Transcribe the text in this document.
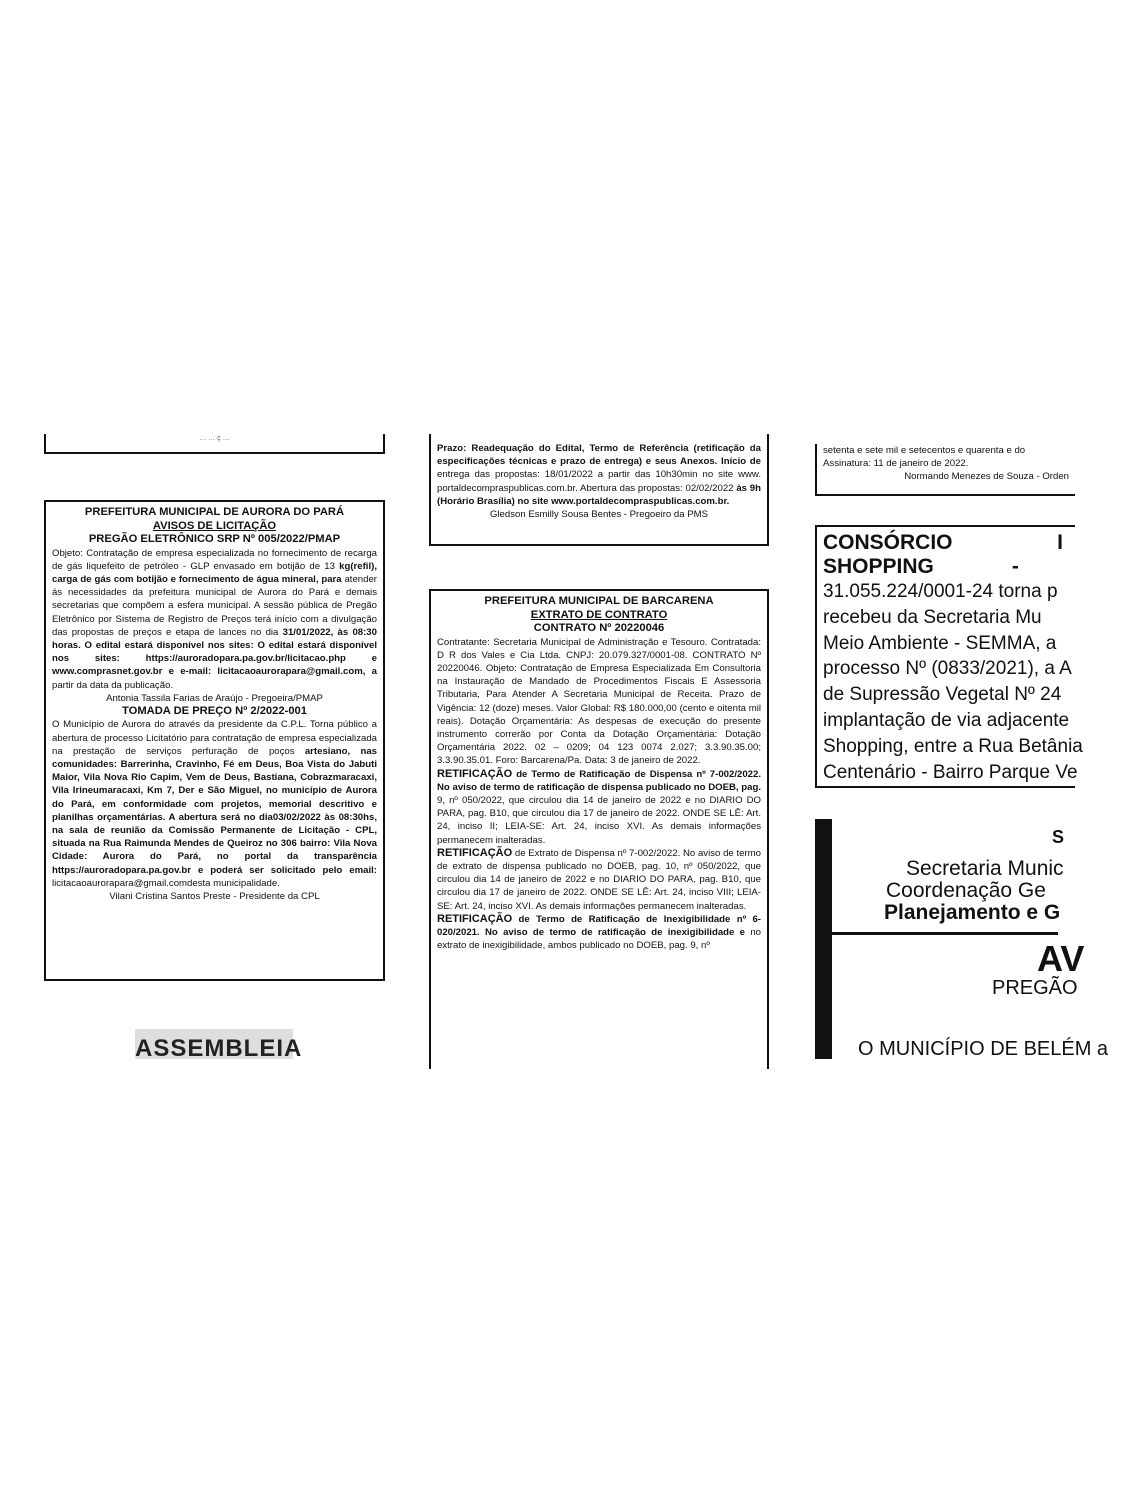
… … ç …

PREFEITURA MUNICIPAL DE AURORA DO PARÁ

AVISOS DE LICITAÇÃO

PREGÃO ELETRÔNICO SRP Nº 005/2022/PMAP

Objeto: Contratação de empresa especializada no fornecimento de recarga de gás liquefeito de petróleo - GLP envasado em botijão de 13 kg(refil), carga de gás com botijão e fornecimento de água mineral, para atender ás necessidades da prefeitura municipal de Aurora do Pará e demais secretarias que compõem a esfera municipal. A sessão pública de Pregão Eletrônico por Sistema de Registro de Preços terá início com a divulgação das propostas de preços e etapa de lances no dia 31/01/2022, às 08:30 horas. O edital estará disponível nos sites: O edital estará disponível nos sites: https://auroradopara.pa.gov.br/licitacao.php e www.comprasnet.gov.br e e-mail: licitacaoaurorapara@gmail.com, a partir da data da publicação.

Antonia Tassila Farias de Araújo - Pregoeira/PMAP

TOMADA DE PREÇO Nº 2/2022-001

O Município de Aurora do através da presidente da C.P.L. Torna público a abertura de processo Licitatório para contratação de empresa especializada na prestação de serviços perfuração de poços artesiano, nas comunidades: Barrerinha, Cravinho, Fé em Deus, Boa Vista do Jabuti Maior, Vila Nova Rio Capim, Vem de Deus, Bastiana, Cobrazmaracaxi, Vila Irineumaracaxi, Km 7, Der e São Miguel, no município de Aurora do Pará, em conformidade com projetos, memorial descritivo e planilhas orçamentárias. A abertura será no dia03/02/2022 às 08:30hs, na sala de reunião da Comissão Permanente de Licitação - CPL, situada na Rua Raimunda Mendes de Queiroz no 306 bairro: Vila Nova Cidade: Aurora do Pará, no portal da transparência https://auroradopara.pa.gov.br e poderá ser solicitado pelo email: licitacaoaurorapara@gmail.comdesta municipalidade.

Vilani Cristina Santos Preste - Presidente da CPL

ASSEMBLEIA

Prazo: Readequação do Edital, Termo de Referência (retificação da especificações técnicas e prazo de entrega) e seus Anexos. Início de entrega das propostas: 18/01/2022 a partir das 10h30min no site www. portaldecompraspublicas.com.br. Abertura das propostas: 02/02/2022 às 9h (Horário Brasília) no site www.portaldecompraspublicas.com.br.

Gledson Esmilly Sousa Bentes - Pregoeiro da PMS

PREFEITURA MUNICIPAL DE BARCARENA

EXTRATO DE CONTRATO

CONTRATO Nº 20220046

Contratante: Secretaria Municipal de Administração e Tesouro. Contratada: D R dos Vales e Cia Ltda. CNPJ: 20.079.327/0001-08. CONTRATO Nº 20220046. Objeto: Contratação de Empresa Especializada Em Consultoria na Instauração de Mandado de Procedimentos Fiscais E Assessoria Tributaria, Para Atender A Secretaria Municipal de Receita. Prazo de Vigência: 12 (doze) meses. Valor Global: R$ 180.000,00 (cento e oitenta mil reais). Dotação Orçamentária: As despesas de execução do presente instrumento correrão por Conta da Dotação Orçamentária: Dotação Orçamentária 2022. 02 – 0209; 04 123 0074 2.027; 3.3.90.35.00; 3.3.90.35.01. Foro: Barcarena/Pa. Data: 3 de janeiro de 2022.

RETIFICAÇÃO de Termo de Ratificação de Dispensa nº 7-002/2022. No aviso de termo de ratificação de dispensa publicado no DOEB, pag. 9, nº 050/2022, que circulou dia 14 de janeiro de 2022 e no DIARIO DO PARA, pag. B10, que circulou dia 17 de janeiro de 2022. ONDE SE LÊ: Art. 24, inciso II; LEIA-SE: Art. 24, inciso XVI. As demais informações permanecem inalteradas.

RETIFICAÇÃO de Extrato de Dispensa nº 7-002/2022. No aviso de termo de extrato de dispensa publicado no DOEB, pag. 10, nº 050/2022, que circulou dia 14 de janeiro de 2022 e no DIARIO DO PARA, pag. B10, que circulou dia 17 de janeiro de 2022. ONDE SE LÊ: Art. 24, inciso VIII; LEIA-SE: Art. 24, inciso XVI. As demais informações permanecem inalteradas.

RETIFICAÇÃO de Termo de Ratificação de Inexigibilidade nº 6-020/2021. No aviso de termo de ratificação de inexigibilidade e no extrato de inexigibilidade, ambos publicado no DOEB, pag. 9, nº

setenta e sete mil e setecentos e quarenta e do

Assinatura: 11 de janeiro de 2022.

Normando Menezes de Souza - Orden

CONSÓRCIO	I
SHOPPING	-

31.055.224/0001-24 torna p

recebeu da Secretaria Mu

Meio Ambiente - SEMMA, a

processo Nº (0833/2021), a A

de Supressão Vegetal Nº 24

implantação de via adjacente

Shopping, entre a Rua Betânia

Centenário - Bairro Parque Ve

S

Secretaria Munic

Coordenação Ge

Planejamento e G

AV

PREGÃO

O MUNICÍPIO DE BELÉM a
